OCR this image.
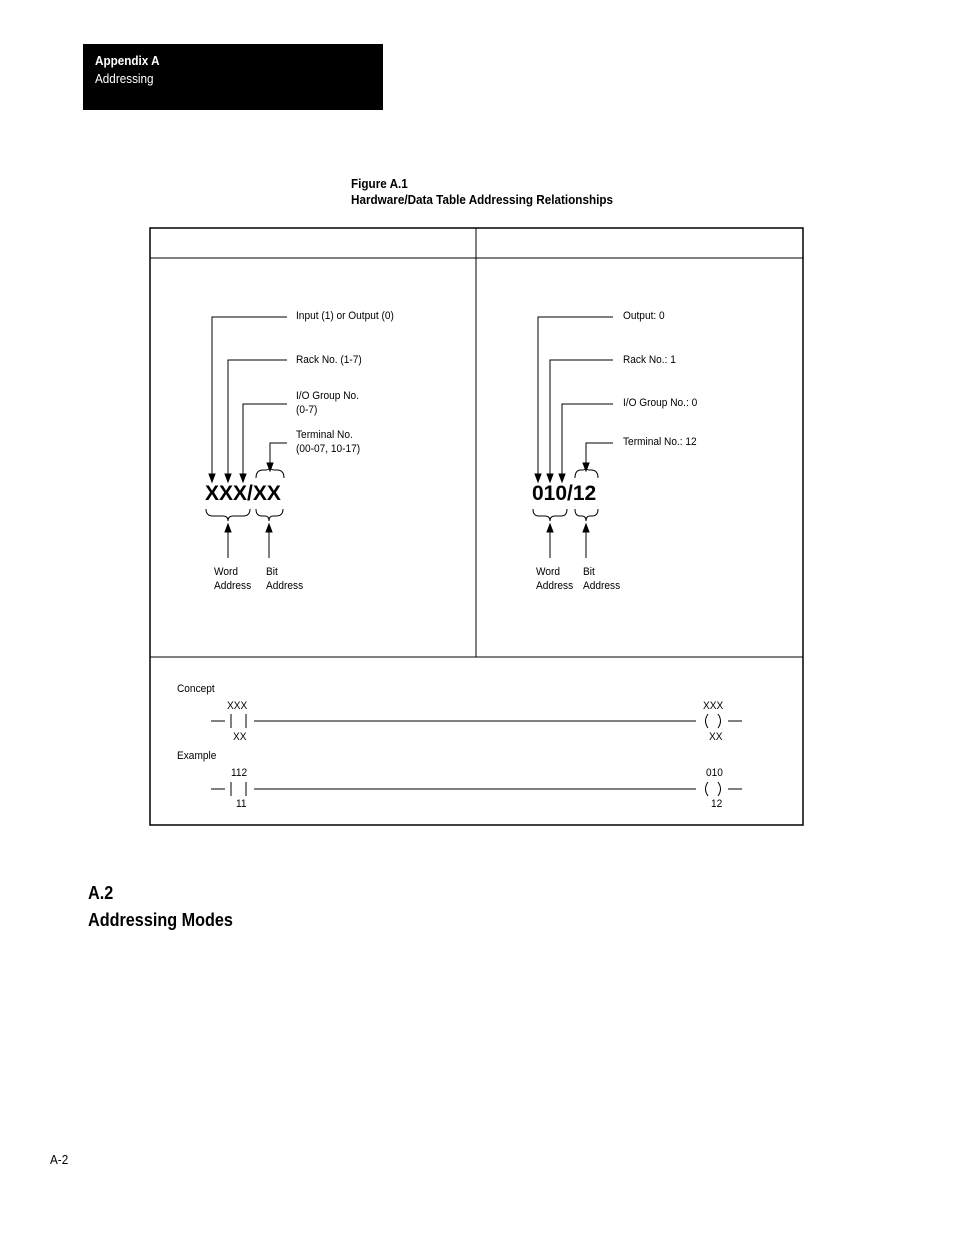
Appendix A
Addressing
Figure A.1
Hardware/Data Table Addressing Relationships
Input (1) or Output (0)
Rack No. (1-7)
I/O Group No.
(0-7)
Terminal No.
(00-07, 10-17)
XXX/XX
Word
Address
Bit
Address
Output: 0
Rack No.: 1
I/O Group No.: 0
Terminal No.: 12
010/12
Word
Address
Bit
Address
Concept
XXX
XX
XXX
XX
Example
112
11
010
12
A.2
Addressing Modes
A-2
